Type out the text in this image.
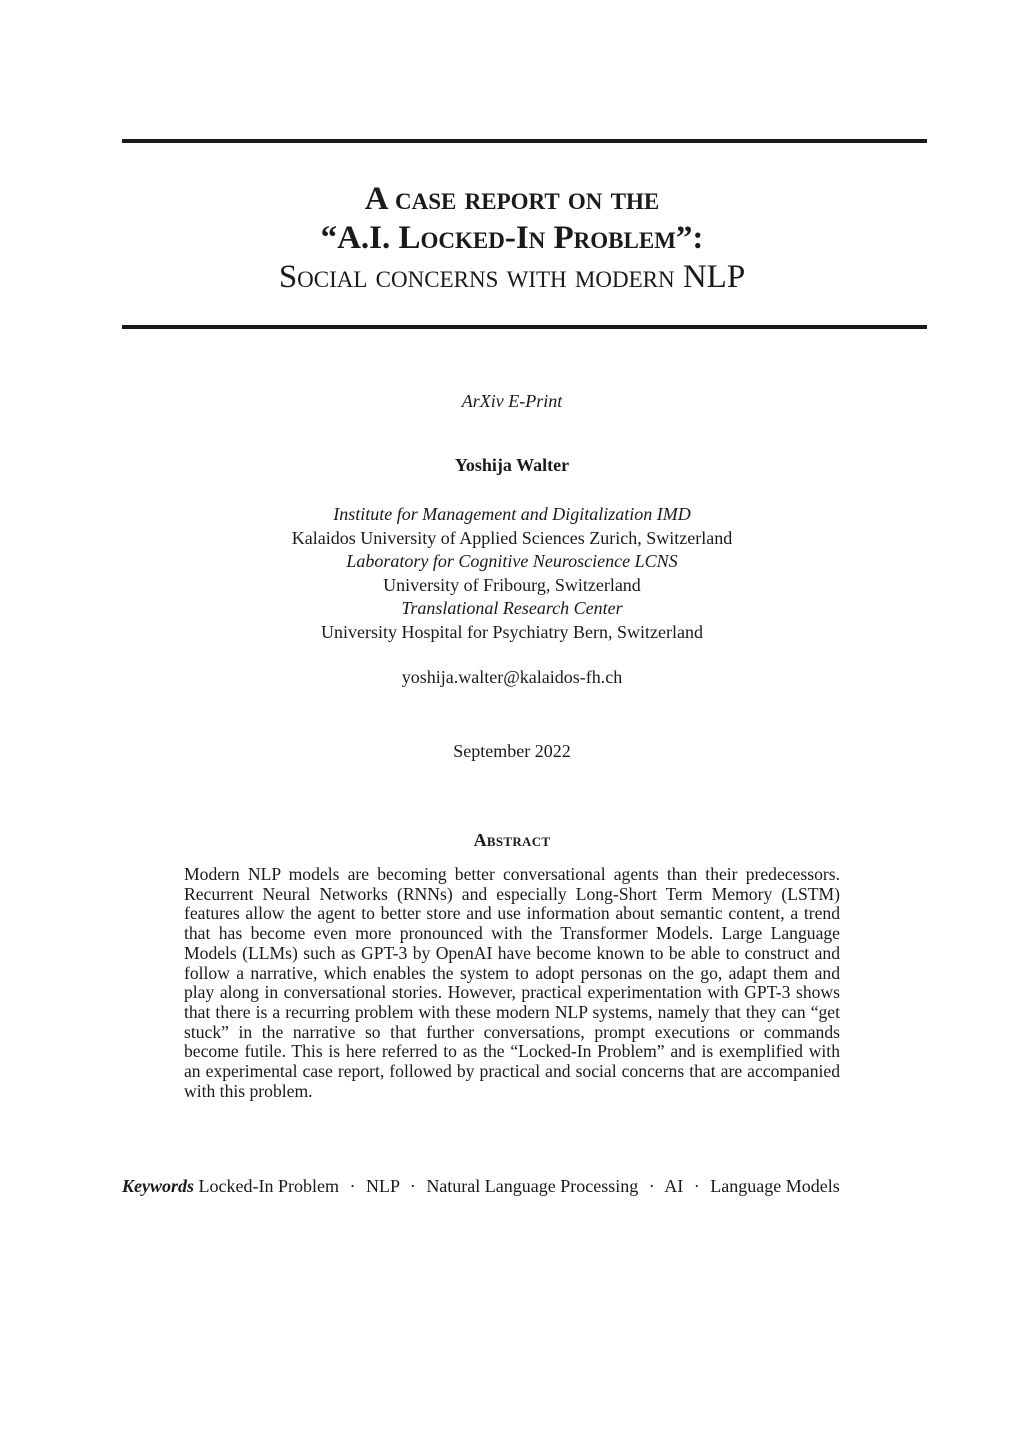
A case report on the
“A.I. Locked-In Problem”:
Social concerns with modern NLP
ArXiv E-Print
Yoshija Walter
Institute for Management and Digitalization IMD
Kalaidos University of Applied Sciences Zurich, Switzerland
Laboratory for Cognitive Neuroscience LCNS
University of Fribourg, Switzerland
Translational Research Center
University Hospital for Psychiatry Bern, Switzerland
yoshija.walter@kalaidos-fh.ch
September 2022
Abstract
Modern NLP models are becoming better conversational agents than their predecessors. Recurrent Neural Networks (RNNs) and especially Long-Short Term Memory (LSTM) features allow the agent to better store and use information about semantic content, a trend that has become even more pronounced with the Transformer Models. Large Language Models (LLMs) such as GPT-3 by OpenAI have become known to be able to construct and follow a narrative, which enables the system to adopt personas on the go, adapt them and play along in conversational stories. However, practical experimentation with GPT-3 shows that there is a recurring problem with these modern NLP systems, namely that they can “get stuck” in the narrative so that further conversations, prompt executions or commands become futile. This is here referred to as the “Locked-In Problem” and is exemplified with an experimental case report, followed by practical and social concerns that are accompanied with this problem.
Keywords Locked-In Problem · NLP · Natural Language Processing · AI · Language Models
